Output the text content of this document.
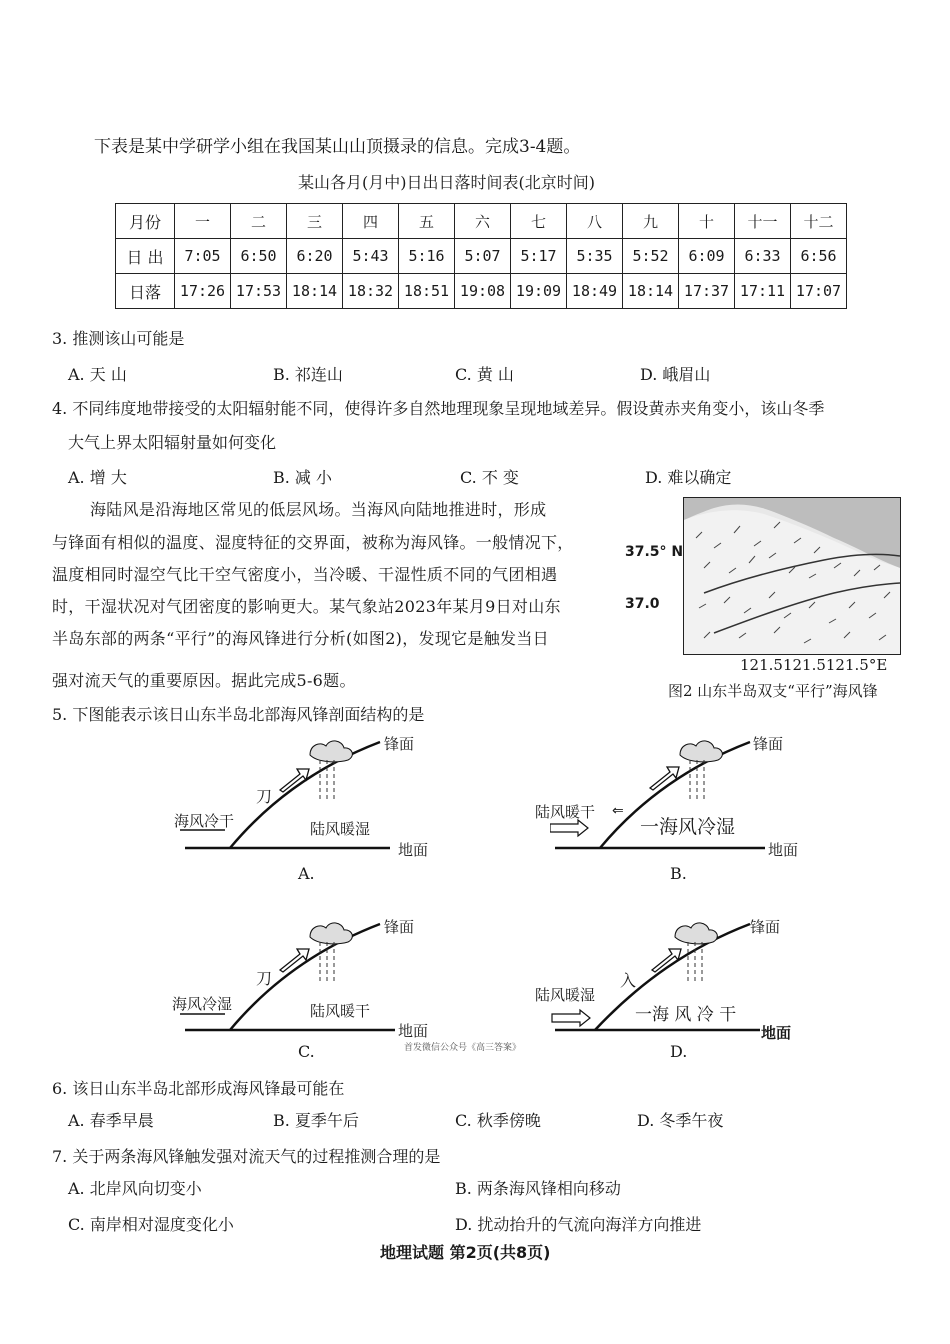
下表是某中学研学小组在我国某山山顶摄录的信息。完成3-4题。
某山各月(月中)日出日落时间表(北京时间)
月份	一	二	三	四	五	六	七	八	九	十	十一	十二
日 出	7:05	6:50	6:20	5:43	5:16	5:07	5:17	5:35	5:52	6:09	6:33	6:56
日落	17:26	17:53	18:14	18:32	18:51	19:08	19:09	18:49	18:14	17:37	17:11	17:07
3. 推测该山可能是
A. 天 山	B. 祁连山	C. 黄 山	D. 峨眉山
4. 不同纬度地带接受的太阳辐射能不同，使得许多自然地理现象呈现地域差异。假设黄赤夹角变小，该山冬季
大气上界太阳辐射量如何变化
A. 增 大	B. 减 小	C. 不 变	D. 难以确定
海陆风是沿海地区常见的低层风场。当海风向陆地推进时，形成
与锋面有相似的温度、湿度特征的交界面，被称为海风锋。一般情况下，
温度相同时湿空气比干空气密度小，当冷暖、干湿性质不同的气团相遇
时，干湿状况对气团密度的影响更大。某气象站2023年某月9日对山东
半岛东部的两条“平行”的海风锋进行分析(如图2)，发现它是触发当日
强对流天气的重要原因。据此完成5-6题。
37.5° N
37.0
121.5121.5121.5°E
图2 山东半岛双支“平行”海风锋
5. 下图能表示该日山东半岛北部海风锋剖面结构的是
锋面
地面
海风冷干	陆风暖湿
刀
A.
锋面
地面
陆风暖干
一海风冷湿
⇐
B.
锋面
地面
海风冷湿	陆风暖干
刀
C.
锋面
地面
陆风暖湿
一海 风 冷 干
入
D.
首发微信公众号《高三答案》
6. 该日山东半岛北部形成海风锋最可能在
A. 春季早晨	B. 夏季午后	C. 秋季傍晚	D. 冬季午夜
7. 关于两条海风锋触发强对流天气的过程推测合理的是
A. 北岸风向切变小	B. 两条海风锋相向移动
C. 南岸相对湿度变化小	D. 扰动抬升的气流向海洋方向推进
地理试题 第2页(共8页)
